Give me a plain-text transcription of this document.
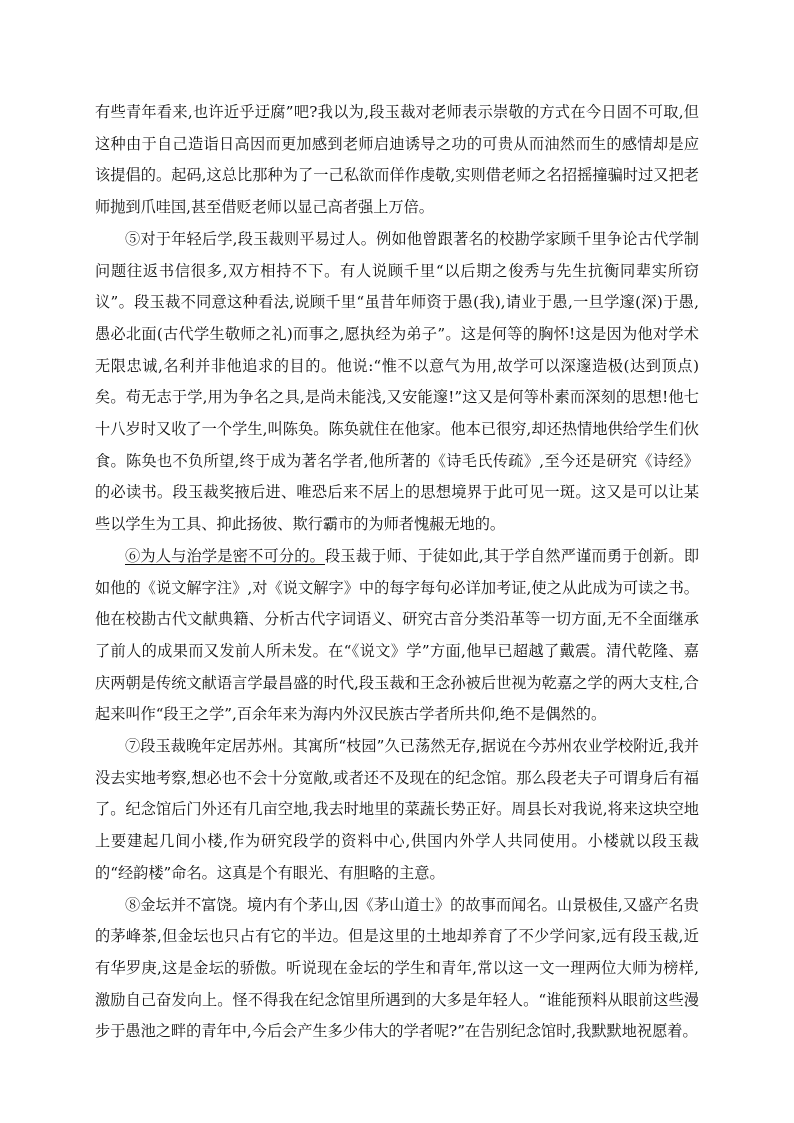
有些青年看来,也许近乎迂腐”吧?我以为,段玉裁对老师表示崇敬的方式在今日固不可取,但这种由于自己造诣日高因而更加感到老师启迪诱导之功的可贵从而油然而生的感情却是应该提倡的。起码,这总比那种为了一己私欲而佯作虔敬,实则借老师之名招摇撞骗时过又把老师抛到爪哇国,甚至借贬老师以显己高者强上万倍。

⑤对于年轻后学,段玉裁则平易过人。例如他曾跟著名的校勘学家顾千里争论古代学制问题往返书信很多,双方相持不下。有人说顾千里“以后期之俊秀与先生抗衡同辈实所窃议”。段玉裁不同意这种看法,说顾千里“虽昔年师资于愚(我),请业于愚,一旦学邃(深)于愚,愚必北面(古代学生敬师之礼)而事之,愿执经为弟子”。这是何等的胸怀!这是因为他对学术无限忠诚,名利并非他追求的目的。他说:“惟不以意气为用,故学可以深邃造极(达到顶点)矣。苟无志于学,用为争名之具,是尚未能浅,又安能邃!”这又是何等朴素而深刻的思想!他七十八岁时又收了一个学生,叫陈奂。陈奂就住在他家。他本已很穷,却还热情地供给学生们伙食。陈奂也不负所望,终于成为著名学者,他所著的《诗毛氏传疏》,至今还是研究《诗经》的必读书。段玉裁奖掖后进、唯恐后来不居上的思想境界于此可见一斑。这又是可以让某些以学生为工具、抑此扬彼、欺行霸市的为师者愧赧无地的。

⑥为人与治学是密不可分的。段玉裁于师、于徒如此,其于学自然严谨而勇于创新。即如他的《说文解字注》,对《说文解字》中的每字每句必详加考证,使之从此成为可读之书。他在校勘古代文献典籍、分析古代字词语义、研究古音分类沿革等一切方面,无不全面继承了前人的成果而又发前人所未发。在“《说文》学”方面,他早已超越了戴震。清代乾隆、嘉庆两朝是传统文献语言学最昌盛的时代,段玉裁和王念孙被后世视为乾嘉之学的两大支柱,合起来叫作“段王之学”,百余年来为海内外汉民族古学者所共仰,绝不是偶然的。

⑦段玉裁晚年定居苏州。其寓所“枝园”久已荡然无存,据说在今苏州农业学校附近,我并没去实地考察,想必也不会十分宽敞,或者还不及现在的纪念馆。那么段老夫子可谓身后有福了。纪念馆后门外还有几亩空地,我去时地里的菜蔬长势正好。周县长对我说,将来这块空地上要建起几间小楼,作为研究段学的资料中心,供国内外学人共同使用。小楼就以段玉裁的“经韵楼”命名。这真是个有眼光、有胆略的主意。

⑧金坛并不富饶。境内有个茅山,因《茅山道士》的故事而闻名。山景极佳,又盛产名贵的茅峰茶,但金坛也只占有它的半边。但是这里的土地却养育了不少学问家,远有段玉裁,近有华罗庚,这是金坛的骄傲。听说现在金坛的学生和青年,常以这一文一理两位大师为榜样,激励自己奋发向上。怪不得我在纪念馆里所遇到的大多是年轻人。“谁能预料从眼前这些漫步于愚池之畔的青年中,今后会产生多少伟大的学者呢?”在告别纪念馆时,我默默地祝愿着。
